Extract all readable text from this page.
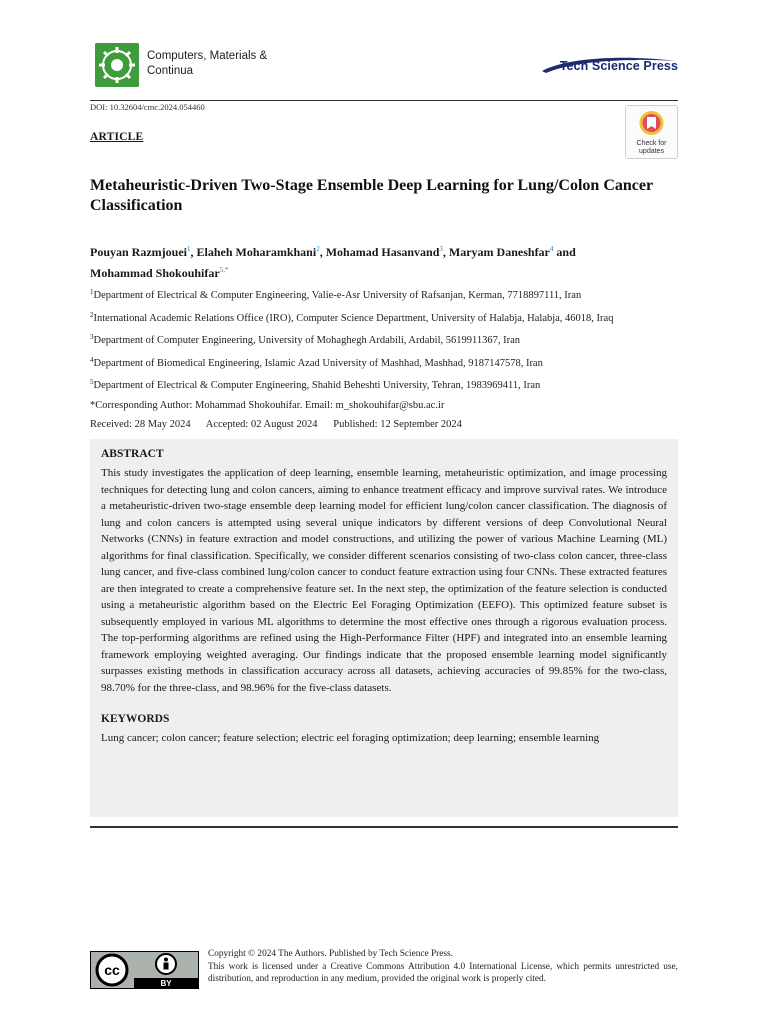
Computers, Materials &
Continua	Tech Science Press
DOI: 10.32604/cmc.2024.054460
ARTICLE
Check for
updates
Metaheuristic-Driven Two-Stage Ensemble Deep Learning for Lung/Colon Cancer Classification
Pouyan Razmjouei$^1$, Elaheh Moharamkhani$^2$, Mohamad Hasanvand$^3$, Maryam Daneshfar$^4$ and
Mohammad Shokouhifar$^{5,*}$
$^1$Department of Electrical & Computer Engineering, Valie-e-Asr University of Rafsanjan, Kerman, 7718897111, Iran
$^2$International Academic Relations Office (IRO), Computer Science Department, University of Halabja, Halabja, 46018, Iraq
$^3$Department of Computer Engineering, University of Mohaghegh Ardabili, Ardabil, 5619911367, Iran
$^4$Department of Biomedical Engineering, Islamic Azad University of Mashhad, Mashhad, 9187147578, Iran
$^5$Department of Electrical & Computer Engineering, Shahid Beheshti University, Tehran, 1983969411, Iran
*Corresponding Author: Mohammad Shokouhifar. Email: m_shokouhifar@sbu.ac.ir
Received: 28 May 2024 Accepted: 02 August 2024 Published: 12 September 2024
ABSTRACT
This study investigates the application of deep learning, ensemble learning, metaheuristic optimization, and image processing techniques for detecting lung and colon cancers, aiming to enhance treatment efficacy and improve survival rates. We introduce a metaheuristic-driven two-stage ensemble deep learning model for efficient lung/colon cancer classification. The diagnosis of lung and colon cancers is attempted using several unique indicators by different versions of deep Convolutional Neural Networks (CNNs) in feature extraction and model constructions, and utilizing the power of various Machine Learning (ML) algorithms for final classification. Specifically, we consider different scenarios consisting of two-class colon cancer, three-class lung cancer, and five-class combined lung/colon cancer to conduct feature extraction using four CNNs. These extracted features are then integrated to create a comprehensive feature set. In the next step, the optimization of the feature selection is conducted using a metaheuristic algorithm based on the Electric Eel Foraging Optimization (EEFO). This optimized feature subset is subsequently employed in various ML algorithms to determine the most effective ones through a rigorous evaluation process. The top-performing algorithms are refined using the High-Performance Filter (HPF) and integrated into an ensemble learning framework employing weighted averaging. Our findings indicate that the proposed ensemble learning model significantly surpasses existing methods in classification accuracy across all datasets, achieving accuracies of 99.85% for the two-class, 98.70% for the three-class, and 98.96% for the five-class datasets.
KEYWORDS
Lung cancer; colon cancer; feature selection; electric eel foraging optimization; deep learning; ensemble learning
cc
BY
Copyright © 2024 The Authors. Published by Tech Science Press.
This work is licensed under a Creative Commons Attribution 4.0 International License, which permits unrestricted use, distribution, and reproduction in any medium, provided the original work is properly cited.
